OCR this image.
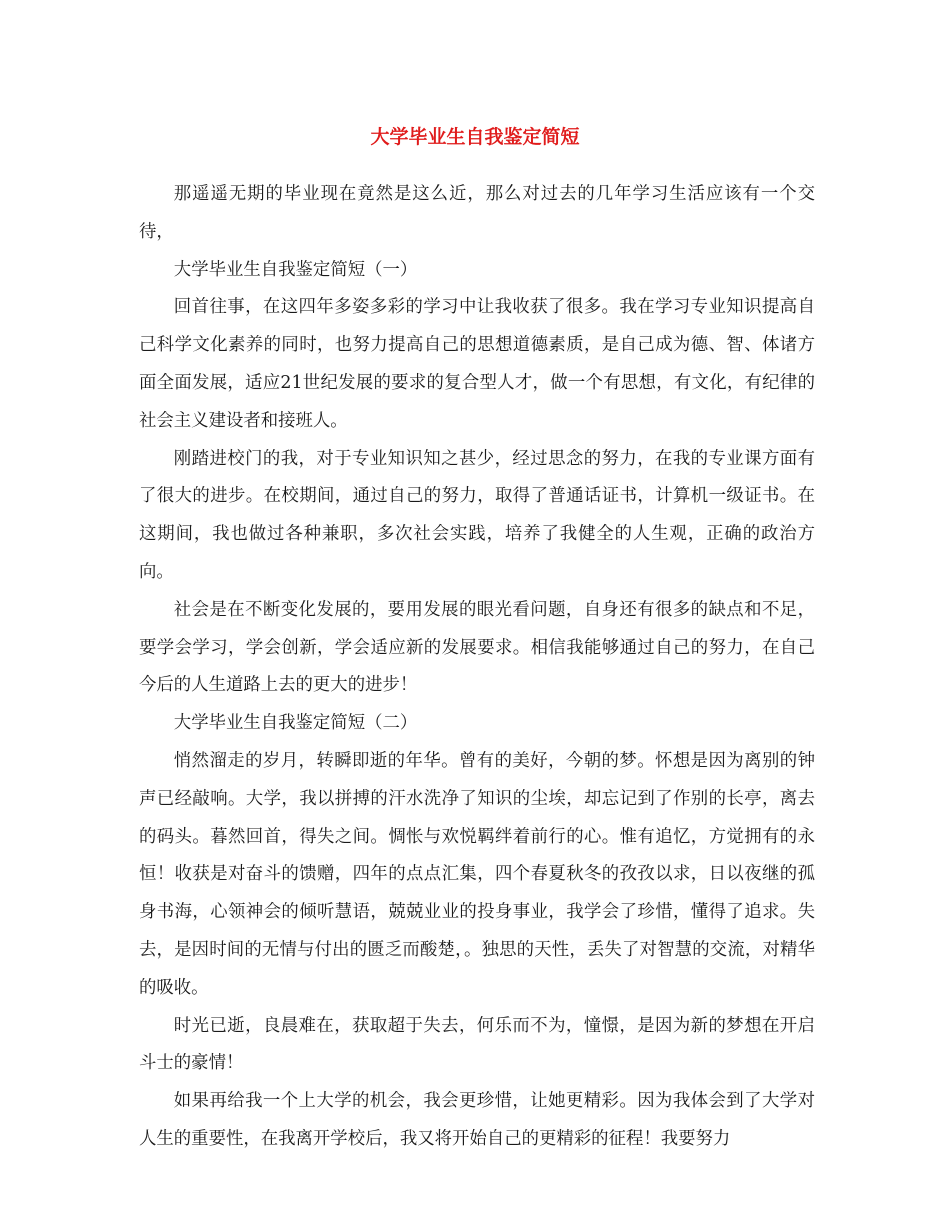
大学毕业生自我鉴定简短

那遥遥无期的毕业现在竟然是这么近，那么对过去的几年学习生活应该有一个交待，

大学毕业生自我鉴定简短（一）

回首往事，在这四年多姿多彩的学习中让我收获了很多。我在学习专业知识提高自己科学文化素养的同时，也努力提高自己的思想道德素质，是自己成为德、智、体诸方面全面发展，适应21世纪发展的要求的复合型人才，做一个有思想，有文化，有纪律的社会主义建设者和接班人。

刚踏进校门的我，对于专业知识知之甚少，经过思念的努力，在我的专业课方面有了很大的进步。在校期间，通过自己的努力，取得了普通话证书，计算机一级证书。在这期间，我也做过各种兼职，多次社会实践，培养了我健全的人生观，正确的政治方向。

社会是在不断变化发展的，要用发展的眼光看问题，自身还有很多的缺点和不足，要学会学习，学会创新，学会适应新的发展要求。相信我能够通过自己的努力，在自己今后的人生道路上去的更大的进步！

大学毕业生自我鉴定简短（二）

悄然溜走的岁月，转瞬即逝的年华。曾有的美好，今朝的梦。怀想是因为离别的钟声已经敲响。大学，我以拼搏的汗水洗净了知识的尘埃，却忘记到了作别的长亭，离去的码头。暮然回首，得失之间。惆怅与欢悦羁绊着前行的心。惟有追忆，方觉拥有的永恒！收获是对奋斗的馈赠，四年的点点汇集，四个春夏秋冬的孜孜以求，日以夜继的孤身书海，心领神会的倾听慧语，兢兢业业的投身事业，我学会了珍惜，懂得了追求。失去，是因时间的无情与付出的匮乏而酸楚，。独思的天性，丢失了对智慧的交流，对精华的吸收。

时光已逝，良晨难在，获取超于失去，何乐而不为，憧憬，是因为新的梦想在开启斗士的豪情！

如果再给我一个上大学的机会，我会更珍惜，让她更精彩。因为我体会到了大学对人生的重要性，在我离开学校后，我又将开始自己的更精彩的征程！我要努力
